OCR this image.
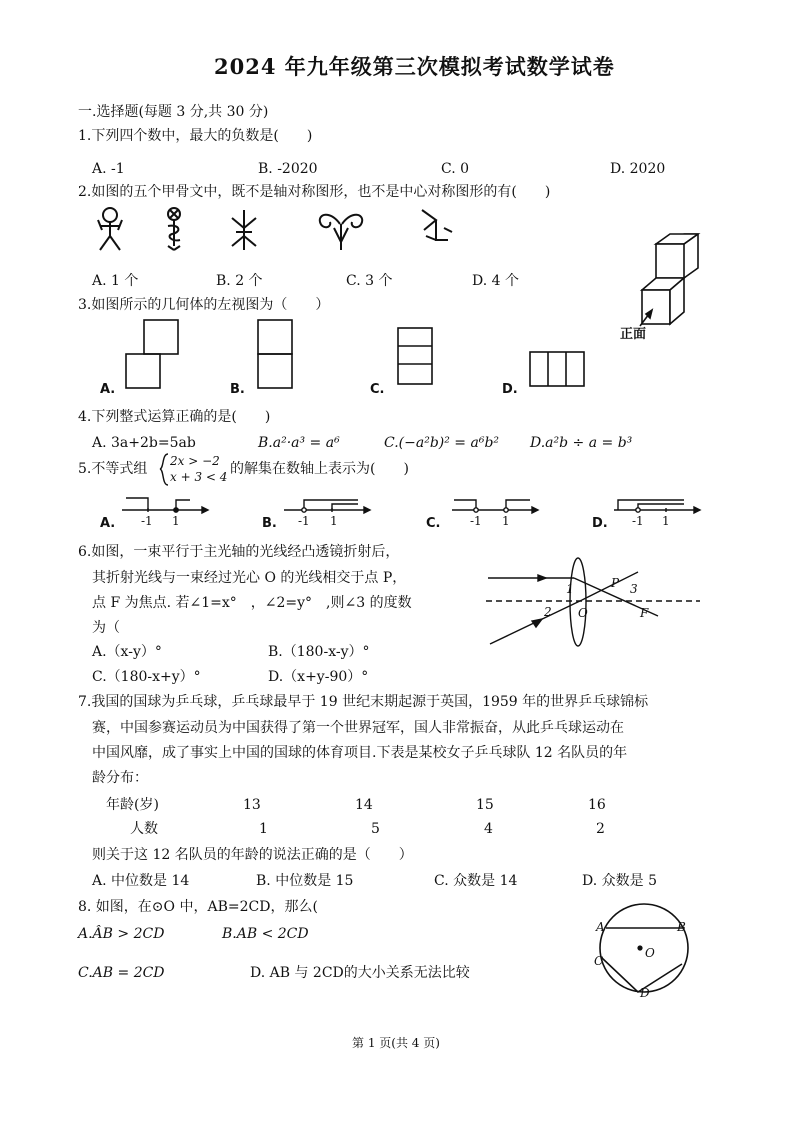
2024 年九年级第三次模拟考试数学试卷
一.选择题(每题 3 分,共 30 分)
1.下列四个数中，最大的负数是(　　)
A. -1	B. -2020	C. 0	D. 2020
2.如图的五个甲骨文中，既不是轴对称图形，也不是中心对称图形的有(　　)
A. 1 个	B. 2 个	C. 3 个	D. 4 个
正面
3.如图所示的几何体的左视图为（　　）
A.	B.	C.	D.
4.下列整式运算正确的是(　　)
A. 3a+2b=5ab	B.a²·a³ = a⁶	C.(−a²b)² = a⁶b² D.a²b ÷ a = b³
5.不等式组 2x > −2
x + 3 < 4 的解集在数轴上表示为(　　)
-1 1	-1 1	-1 1	-1 1
A.	B.	C.	D.
6.如图，一束平行于主光轴的光线经凸透镜折射后，
其折射光线与一束经过光心 O 的光线相交于点 P，
点 F 为焦点. 若∠1=x°　，∠2=y°　,则∠3 的度数
为（
A.（x-y）°	B.（180-x-y）°
C.（180-x+y）°	D.（x+y-90）°
1
2
3
P
O	F
7.我国的国球为乒乓球，乒乓球最早于 19 世纪末期起源于英国，1959 年的世界乒乓球锦标
赛，中国参赛运动员为中国获得了第一个世界冠军，国人非常振奋，从此乒乓球运动在
中国风靡，成了事实上中国的国球的体育项目.下表是某校女子乒乓球队 12 名队员的年
龄分布：
年龄(岁)	13	14	15	16
人数	1	5	4	2
则关于这 12 名队员的年龄的说法正确的是（　　）
A. 中位数是 14	B. 中位数是 15	C. 众数是 14	D. 众数是 5
8. 如图，在⊙O 中，AB=2CD，那么(
A.ÂB > 2CD	B.AB < 2CD
C.AB = 2CD	D. AB 与 2CD的大小关系无法比较
A	B
C
D
O
第 1 页(共 4 页)
